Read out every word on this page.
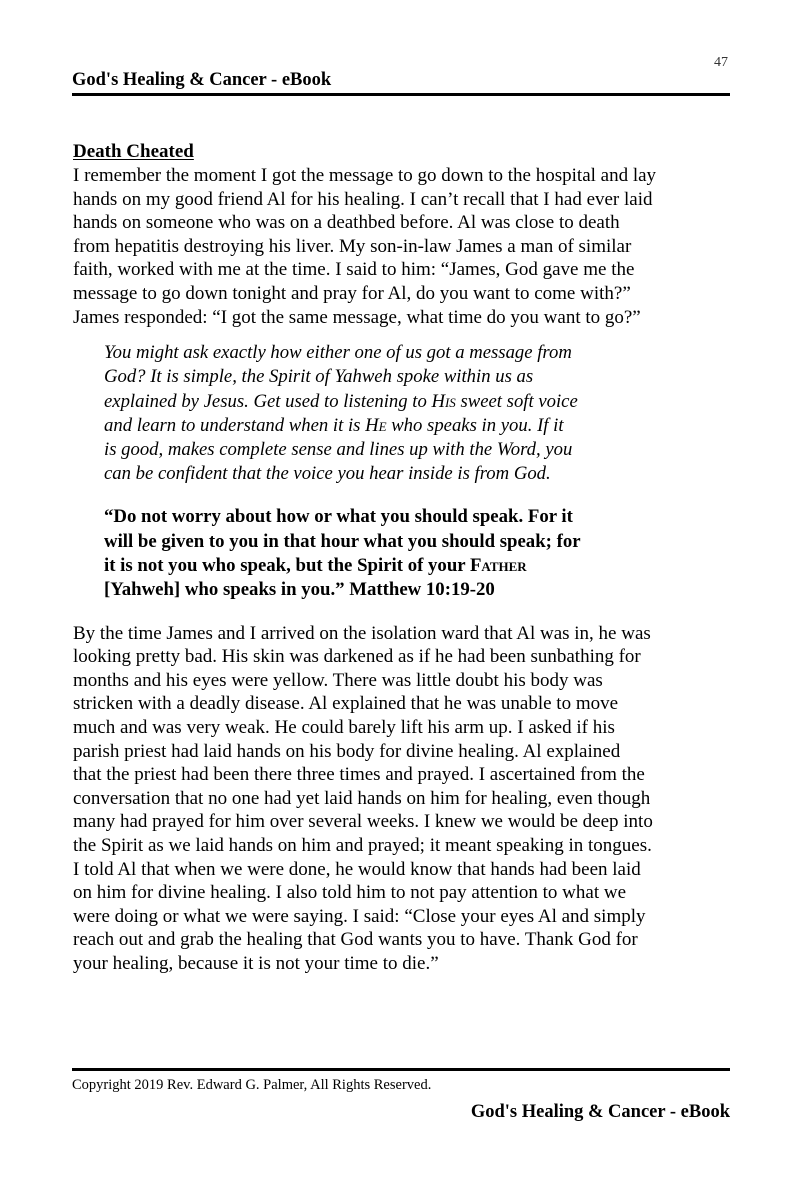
47
God's Healing & Cancer - eBook
Death Cheated
I remember the moment I got the message to go down to the hospital and lay
hands on my good friend Al for his healing. I can’t recall that I had ever laid
hands on someone who was on a deathbed before. Al was close to death
from hepatitis destroying his liver. My son-in-law James a man of similar
faith, worked with me at the time. I said to him: “James, God gave me the
message to go down tonight and pray for Al, do you want to come with?”
James responded: “I got the same message, what time do you want to go?”
You might ask exactly how either one of us got a message from
God? It is simple, the Spirit of Yahweh spoke within us as
explained by Jesus. Get used to listening to His sweet soft voice
and learn to understand when it is He who speaks in you. If it
is good, makes complete sense and lines up with the Word, you
can be confident that the voice you hear inside is from God.
“Do not worry about how or what you should speak. For it
will be given to you in that hour what you should speak; for
it is not you who speak, but the Spirit of your Father
[Yahweh] who speaks in you.” Matthew 10:19-20
By the time James and I arrived on the isolation ward that Al was in, he was
looking pretty bad. His skin was darkened as if he had been sunbathing for
months and his eyes were yellow. There was little doubt his body was
stricken with a deadly disease. Al explained that he was unable to move
much and was very weak. He could barely lift his arm up. I asked if his
parish priest had laid hands on his body for divine healing. Al explained
that the priest had been there three times and prayed. I ascertained from the
conversation that no one had yet laid hands on him for healing, even though
many had prayed for him over several weeks. I knew we would be deep into
the Spirit as we laid hands on him and prayed; it meant speaking in tongues.
I told Al that when we were done, he would know that hands had been laid
on him for divine healing. I also told him to not pay attention to what we
were doing or what we were saying. I said: “Close your eyes Al and simply
reach out and grab the healing that God wants you to have. Thank God for
your healing, because it is not your time to die.”
Copyright 2019 Rev. Edward G. Palmer, All Rights Reserved.
God's Healing & Cancer - eBook
